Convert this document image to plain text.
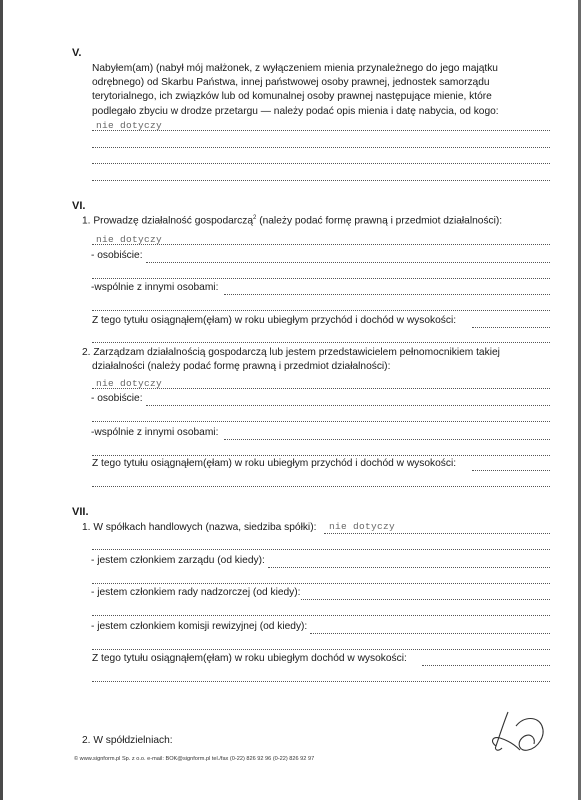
V.
Nabyłem(am) (nabył mój małżonek, z wyłączeniem mienia przynależnego do jego majątku
odrębnego) od Skarbu Państwa, innej państwowej osoby prawnej, jednostek samorządu
terytorialnego, ich związków lub od komunalnej osoby prawnej następujące mienie, które
podlegało zbyciu w drodze przetargu — należy podać opis mienia i datę nabycia, od kogo:
nie dotyczy
VI.
1. Prowadzę działalność gospodarczą$^2$ (należy podać formę prawną i przedmiot działalności):
nie dotyczy
- osobiście:
-wspólnie z innymi osobami:
Z tego tytułu osiągnąłem(ęłam) w roku ubiegłym przychód i dochód w wysokości:
2. Zarządzam działalnością gospodarczą lub jestem przedstawicielem pełnomocnikiem takiej
działalności (należy podać formę prawną i przedmiot działalności):
nie dotyczy
- osobiście:
-wspólnie z innymi osobami:
Z tego tytułu osiągnąłem(ęłam) w roku ubiegłym przychód i dochód w wysokości:
VII.
1. W spółkach handlowych (nazwa, siedziba spółki): nie dotyczy
- jestem członkiem zarządu (od kiedy):
- jestem członkiem rady nadzorczej (od kiedy):
- jestem członkiem komisji rewizyjnej (od kiedy):
Z tego tytułu osiągnąłem(ęłam) w roku ubiegłym dochód w wysokości:
2. W spółdzielniach:
© www.signform.pl Sp. z o.o. e-mail: BOK@signform.pl tel./fax (0-22) 826 92 96 (0-22) 826 92 97
